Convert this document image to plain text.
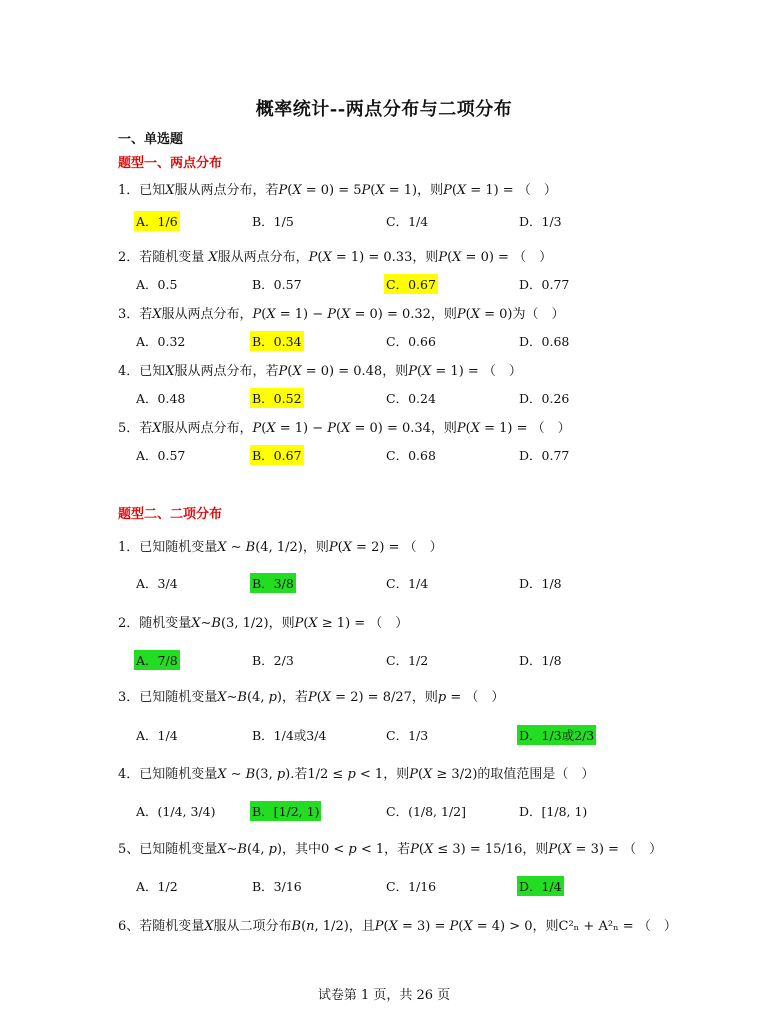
概率统计--两点分布与二项分布
一、单选题
题型一、两点分布
1．已知𝑋服从两点分布，若𝑃(𝑋 = 0) = 5𝑃(𝑋 = 1)，则𝑃(𝑋 = 1) = （　）
A．1/6	B．1/5	C．1/4	D．1/3
2．若随机变量 𝑋服从两点分布，𝑃(𝑋 = 1) = 0.33，则𝑃(𝑋 = 0) = （　）
A．0.5	B．0.57	C．0.67	D．0.77
3．若𝑋服从两点分布，𝑃(𝑋 = 1) − 𝑃(𝑋 = 0) = 0.32，则𝑃(𝑋 = 0)为（　）
A．0.32	B．0.34	C．0.66	D．0.68
4．已知𝑋服从两点分布，若𝑃(𝑋 = 0) = 0.48，则𝑃(𝑋 = 1) = （　）
A．0.48	B．0.52	C．0.24	D．0.26
5．若𝑋服从两点分布，𝑃(𝑋 = 1) − 𝑃(𝑋 = 0) = 0.34，则𝑃(𝑋 = 1) = （　）
A．0.57	B．0.67	C．0.68	D．0.77
题型二、二项分布
1．已知随机变量𝑋 ∼ 𝐵(4, 1/2)，则𝑃(𝑋 = 2) = （　）
A．3/4	B．3/8	C．1/4	D．1/8
2．随机变量𝑋∼𝐵(3, 1/2)，则𝑃(𝑋 ≥ 1) = （　）
A．7/8	B．2/3	C．1/2	D．1/8
3．已知随机变量𝑋∼𝐵(4, 𝑝)，若𝑃(𝑋 = 2) = 8/27，则𝑝 = （　）
A．1/4	B．1/4或3/4	C．1/3	D．1/3或2/3
4．已知随机变量𝑋 ∼ 𝐵(3, 𝑝).若1/2 ≤ 𝑝 < 1，则𝑃(𝑋 ≥ 3/2)的取值范围是（　）
A．(1/4, 3/4)	B．[1/2, 1)	C．(1/8, 1/2]	D．[1/8, 1)
5、已知随机变量𝑋∼𝐵(4, 𝑝)，其中0 < 𝑝 < 1，若𝑃(𝑋 ≤ 3) = 15/16，则𝑃(𝑋 = 3) = （　）
A．1/2	B．3/16	C．1/16	D．1/4
6、若随机变量𝑋服从二项分布𝐵(𝑛, 1/2)，且𝑃(𝑋 = 3) = 𝑃(𝑋 = 4) > 0，则C²ₙ + A²ₙ = （　）
试卷第 1 页，共 26 页
